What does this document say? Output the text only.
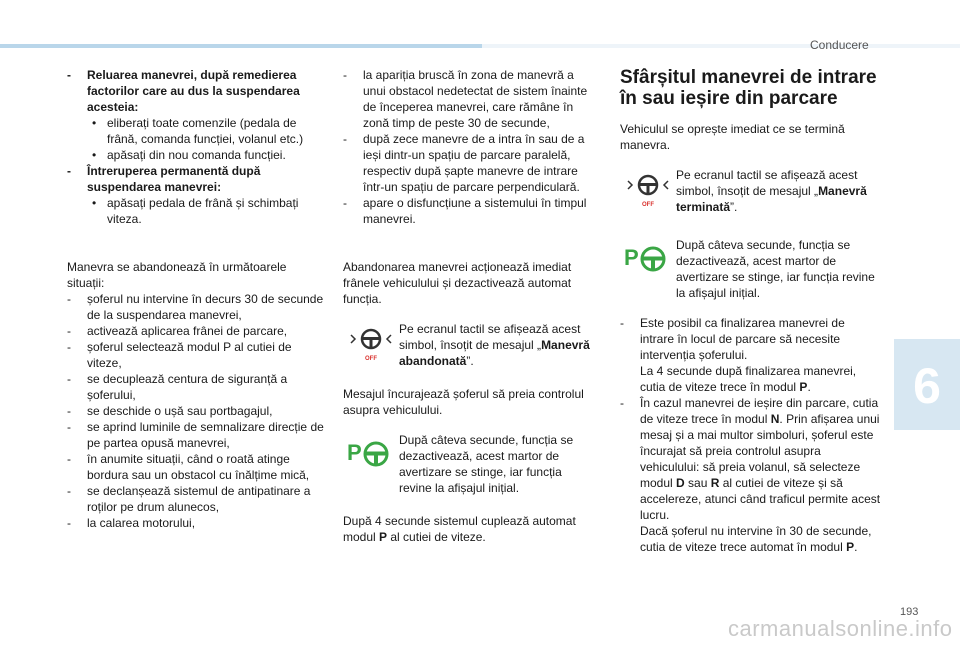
Conducere
6

- Reluarea manevrei, după remedierea factorilor care au dus la suspendarea acesteia:

• eliberați toate comenzile (pedala de frână, comanda funcției, volanul etc.)

• apăsați din nou comanda funcției.

- Întreruperea permanentă după suspendarea manevrei:

• apăsați pedala de frână și schimbați viteza.

Manevra se abandonează în următoarele situații:

- șoferul nu intervine în decurs 30 de secunde de la suspendarea manevrei,

- activează aplicarea frânei de parcare,

- șoferul selectează modul P al cutiei de viteze,

- se decuplează centura de siguranță a șoferului,

- se deschide o ușă sau portbagajul,

- se aprind luminile de semnalizare direcție de pe partea opusă manevrei,

- în anumite situații, când o roată atinge bordura sau un obstacol cu înălțime mică,

- se declanșează sistemul de antipatinare a roților pe drum alunecos,

- la calarea motorului,

- la apariția bruscă în zona de manevră a unui obstacol nedetectat de sistem înainte de începerea manevrei, care rămâne în zonă timp de peste 30 de secunde,

- după zece manevre de a intra în sau de a ieși dintr-un spațiu de parcare paralelă, respectiv după șapte manevre de intrare într-un spațiu de parcare perpendiculară.

- apare o disfuncțiune a sistemului în timpul manevrei.

Abandonarea manevrei acționează imediat frânele vehiculului și dezactivează automat funcția.

OFF

Pe ecranul tactil se afișează acest simbol, însoțit de mesajul „Manevră abandonată”.

Mesajul încurajează șoferul să preia controlul asupra vehiculului.

P	După câteva secunde, funcția se dezactivează, acest martor de avertizare se stinge, iar funcția revine la afișajul inițial.

După 4 secunde sistemul cuplează automat modul P al cutiei de viteze.

Sfârșitul manevrei de intrare în sau ieșire din parcare

Vehiculul se oprește imediat ce se termină manevra.

OFF

Pe ecranul tactil se afișează acest simbol, însoțit de mesajul „Manevră terminată”.

P	După câteva secunde, funcția se dezactivează, acest martor de avertizare se stinge, iar funcția revine la afișajul inițial.

- Este posibil ca finalizarea manevrei de intrare în locul de parcare să necesite intervenția șoferului.

La 4 secunde după finalizarea manevrei, cutia de viteze trece în modul P.

- În cazul manevrei de ieșire din parcare, cutia de viteze trece în modul N. Prin afișarea unui mesaj și a mai multor simboluri, șoferul este încurajat să preia controlul asupra vehiculului: să preia volanul, să selecteze modul D sau R al cutiei de viteze și să accelereze, atunci când traficul permite acest lucru.

Dacă șoferul nu intervine în 30 de secunde, cutia de viteze trece automat în modul P.

193
carmanualsonline.info
